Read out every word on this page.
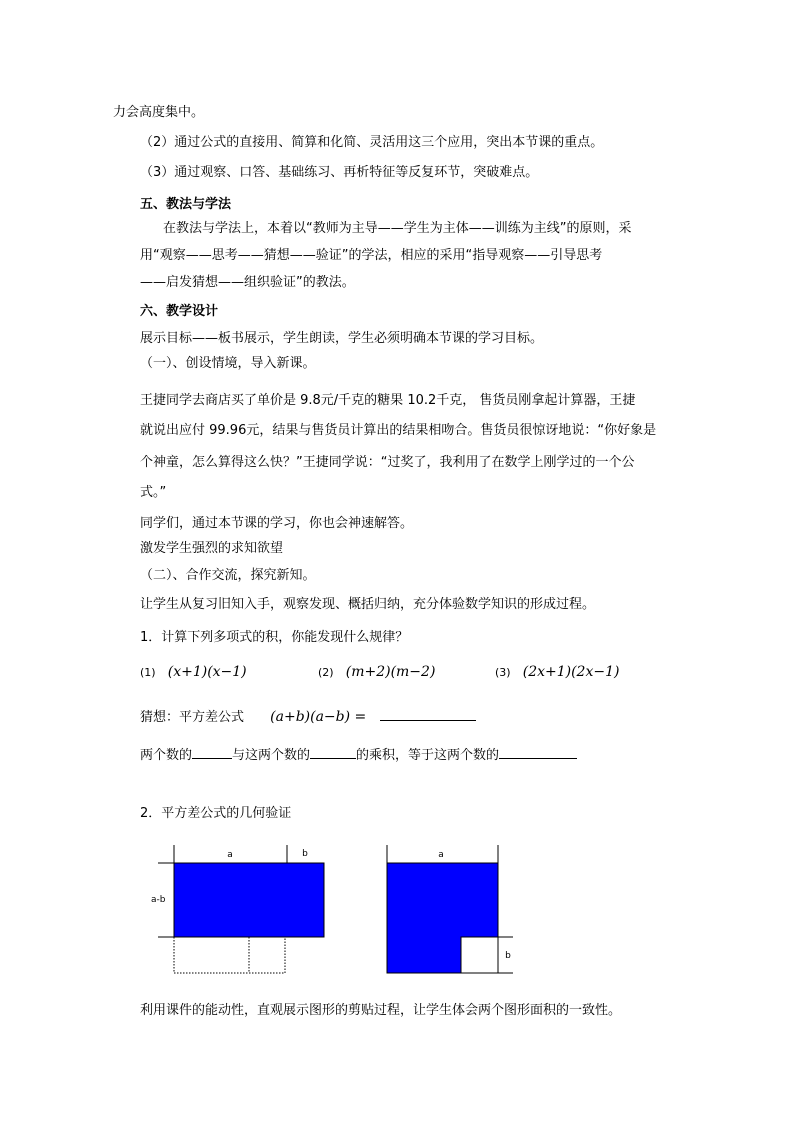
力会高度集中。
（2）通过公式的直接用、简算和化简、灵活用这三个应用，突出本节课的重点。
（3）通过观察、口答、基础练习、再析特征等反复环节，突破难点。
五、教法与学法
在教法与学法上，本着以“教师为主导——学生为主体——训练为主线”的原则，采
用“观察——思考——猜想——验证”的学法，相应的采用“指导观察——引导思考
——启发猜想——组织验证”的教法。
六、教学设计
展示目标——板书展示，学生朗读，学生必须明确本节课的学习目标。
（一）、创设情境，导入新课。
王捷同学去商店买了单价是 9.8元/千克的糖果 10.2千克， 售货员刚拿起计算器，王捷
就说出应付 99.96元，结果与售货员计算出的结果相吻合。售货员很惊讶地说：“你好象是
个神童，怎么算得这么快？”王捷同学说：“过奖了，我利用了在数学上刚学过的一个公
式。”
同学们，通过本节课的学习，你也会神速解答。
激发学生强烈的求知欲望
（二）、合作交流，探究新知。
让学生从复习旧知入手，观察发现、概括归纳，充分体验数学知识的形成过程。
1．计算下列多项式的积，你能发现什么规律？
(1) (x+1)(x−1)	(2) (m+2)(m−2)	(3) (2x+1)(2x−1)
猜想：平方差公式 (a+b)(a−b) =
两个数的	与这两个数的	的乘积，等于这两个数的
2．平方差公式的几何验证
a	b
a-b
a
b
利用课件的能动性，直观展示图形的剪贴过程，让学生体会两个图形面积的一致性。
